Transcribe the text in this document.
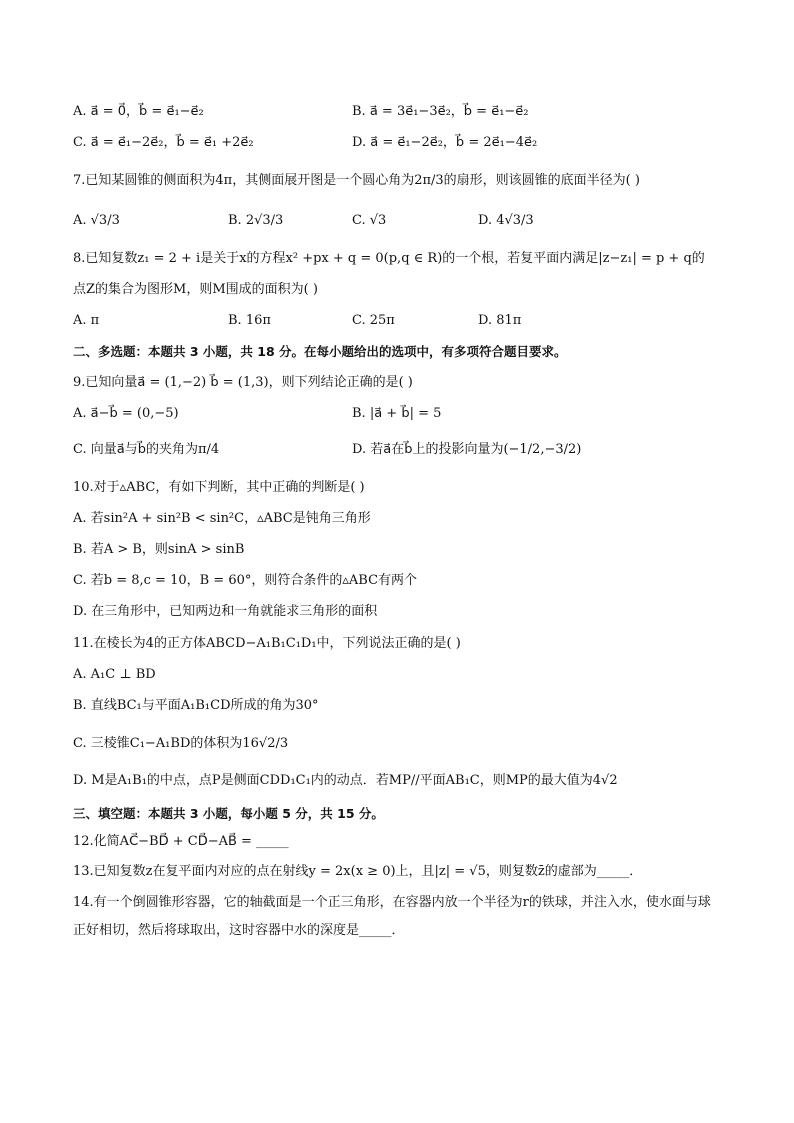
A. a⃗ = 0⃗，b⃗ = e⃗₁−e⃗₂	B. a⃗ = 3e⃗₁−3e⃗₂，b⃗ = e⃗₁−e⃗₂
C. a⃗ = e⃗₁−2e⃗₂，b⃗ = e⃗₁ +2e⃗₂	D. a⃗ = e⃗₁−2e⃗₂，b⃗ = 2e⃗₁−4e⃗₂
7.已知某圆锥的侧面积为4π，其侧面展开图是一个圆心角为2π/3的扇形，则该圆锥的底面半径为( )
A. √3/3	B. 2√3/3	C. √3	D. 4√3/3
8.已知复数z₁ = 2 + i是关于x的方程x² +px + q = 0(p,q ∈ R)的一个根，若复平面内满足|z−z₁| = p + q的
点Z的集合为图形M，则M围成的面积为( )
A. π	B. 16π	C. 25π	D. 81π
二、多选题：本题共 3 小题，共 18 分。在每小题给出的选项中，有多项符合题目要求。
9.已知向量a⃗ = (1,−2) b⃗ = (1,3)，则下列结论正确的是( )
A. a⃗−b⃗ = (0,−5)	B. |a⃗ + b⃗| = 5
C. 向量a⃗与b⃗的夹角为π/4	D. 若a⃗在b⃗上的投影向量为(−1/2,−3/2)
10.对于▵ABC，有如下判断，其中正确的判断是( )
A. 若sin²A + sin²B < sin²C，▵ABC是钝角三角形
B. 若A > B，则sinA > sinB
C. 若b = 8,c = 10，B = 60°，则符合条件的▵ABC有两个
D. 在三角形中，已知两边和一角就能求三角形的面积
11.在棱长为4的正方体ABCD−A₁B₁C₁D₁中，下列说法正确的是( )
A. A₁C ⊥ BD
B. 直线BC₁与平面A₁B₁CD所成的角为30°
C. 三棱锥C₁−A₁BD的体积为16√2/3
D. M是A₁B₁的中点，点P是侧面CDD₁C₁内的动点．若MP//平面AB₁C，则MP的最大值为4√2
三、填空题：本题共 3 小题，每小题 5 分，共 15 分。
12.化简AC⃗−BD⃗ + CD⃗−AB⃗ = _____
13.已知复数z在复平面内对应的点在射线y = 2x(x ≥ 0)上，且|z| = √5，则复数z̄的虚部为_____．
14.有一个倒圆锥形容器，它的轴截面是一个正三角形，在容器内放一个半径为r的铁球，并注入水，使水面与球正好相切，然后将球取出，这时容器中水的深度是_____．
